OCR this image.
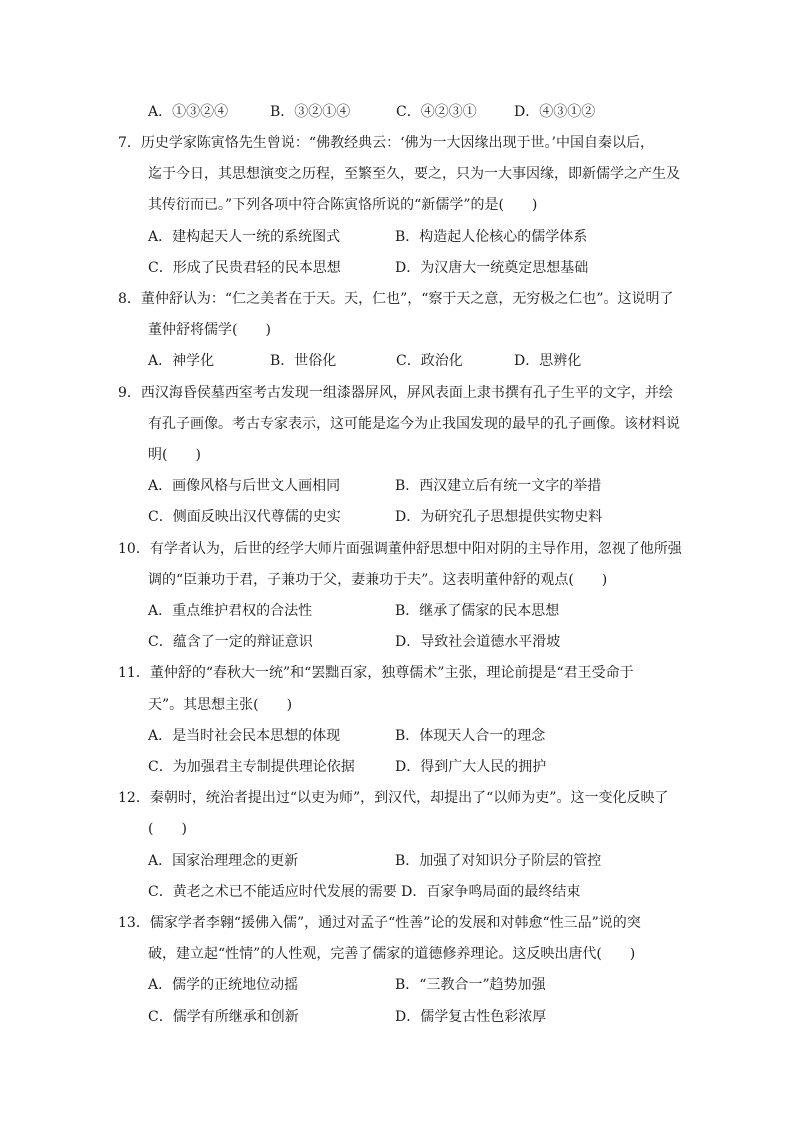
A．①③②④	B．③②①④	C．④②③①	D．④③①②
7．历史学家陈寅恪先生曾说：“佛教经典云：‘佛为一大因缘出现于世。’中国自秦以后，
迄于今日，其思想演变之历程，至繁至久，要之，只为一大事因缘，即新儒学之产生及
其传衍而已。”下列各项中符合陈寅恪所说的“新儒学”的是(　　)
A．建构起天人一统的系统图式	B．构造起人伦核心的儒学体系
C．形成了民贵君轻的民本思想	D．为汉唐大一统奠定思想基础
8．董仲舒认为：“仁之美者在于天。天，仁也”，“察于天之意，无穷极之仁也”。这说明了
董仲舒将儒学(　　)
A．神学化	B．世俗化	C．政治化	D．思辨化
9．西汉海昏侯墓西室考古发现一组漆器屏风，屏风表面上隶书撰有孔子生平的文字，并绘
有孔子画像。考古专家表示，这可能是迄今为止我国发现的最早的孔子画像。该材料说
明(　　)
A．画像风格与后世文人画相同	B．西汉建立后有统一文字的举措
C．侧面反映出汉代尊儒的史实	D．为研究孔子思想提供实物史料
10．有学者认为，后世的经学大师片面强调董仲舒思想中阳对阴的主导作用，忽视了他所强
调的“臣兼功于君，子兼功于父，妻兼功于夫”。这表明董仲舒的观点(　　)
A．重点维护君权的合法性	B．继承了儒家的民本思想
C．蕴含了一定的辩证意识	D．导致社会道德水平滑坡
11．董仲舒的“春秋大一统”和“罢黜百家，独尊儒术”主张，理论前提是“君王受命于
天”。其思想主张(　　)
A．是当时社会民本思想的体现	B．体现天人合一的理念
C．为加强君主专制提供理论依据	D．得到广大人民的拥护
12．秦朝时，统治者提出过“以吏为师”，到汉代，却提出了“以师为吏”。这一变化反映了
(　　)
A．国家治理理念的更新	B．加强了对知识分子阶层的管控
C．黄老之术已不能适应时代发展的需要 D．百家争鸣局面的最终结束
13．儒家学者李翱“援佛入儒”，通过对孟子“性善”论的发展和对韩愈“性三品”说的突
破，建立起“性情”的人性观，完善了儒家的道德修养理论。这反映出唐代(　　)
A．儒学的正统地位动摇	B．“三教合一”趋势加强
C．儒学有所继承和创新	D．儒学复古性色彩浓厚
